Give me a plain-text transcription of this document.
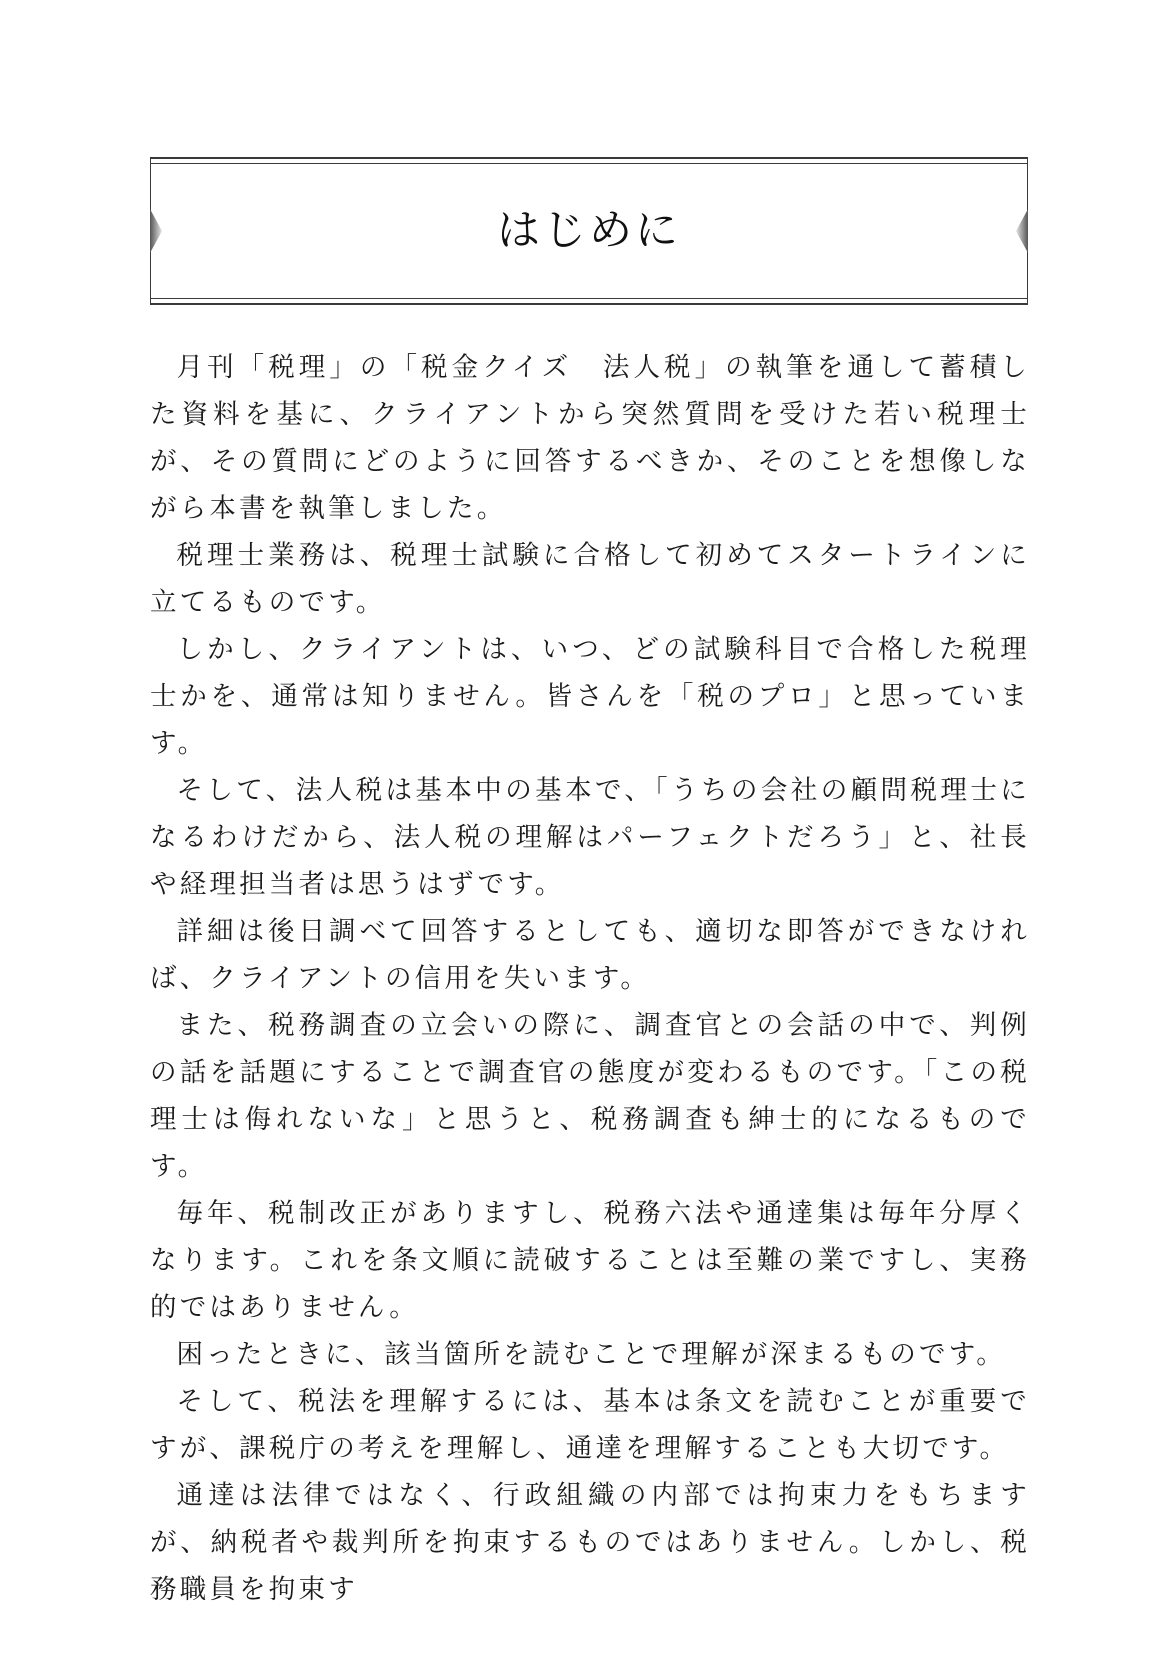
はじめに

月刊「税理」の「税金クイズ　法人税」の執筆を通して蓄積した資料を基に、クライアントから突然質問を受けた若い税理士が、その質問にどのように回答するべきか、そのことを想像しながら本書を執筆しました。

税理士業務は、税理士試験に合格して初めてスタートラインに立てるものです。

しかし、クライアントは、いつ、どの試験科目で合格した税理士かを、通常は知りません。皆さんを「税のプロ」と思っています。

そして、法人税は基本中の基本で、「うちの会社の顧問税理士になるわけだから、法人税の理解はパーフェクトだろう」と、社長や経理担当者は思うはずです。

詳細は後日調べて回答するとしても、適切な即答ができなければ、クライアントの信用を失います。

また、税務調査の立会いの際に、調査官との会話の中で、判例の話を話題にすることで調査官の態度が変わるものです。「この税理士は侮れないな」と思うと、税務調査も紳士的になるものです。

毎年、税制改正がありますし、税務六法や通達集は毎年分厚くなります。これを条文順に読破することは至難の業ですし、実務的ではありません。

困ったときに、該当箇所を読むことで理解が深まるものです。

そして、税法を理解するには、基本は条文を読むことが重要ですが、課税庁の考えを理解し、通達を理解することも大切です。

通達は法律ではなく、行政組織の内部では拘束力をもちますが、納税者や裁判所を拘束するものではありません。しかし、税務職員を拘束す
